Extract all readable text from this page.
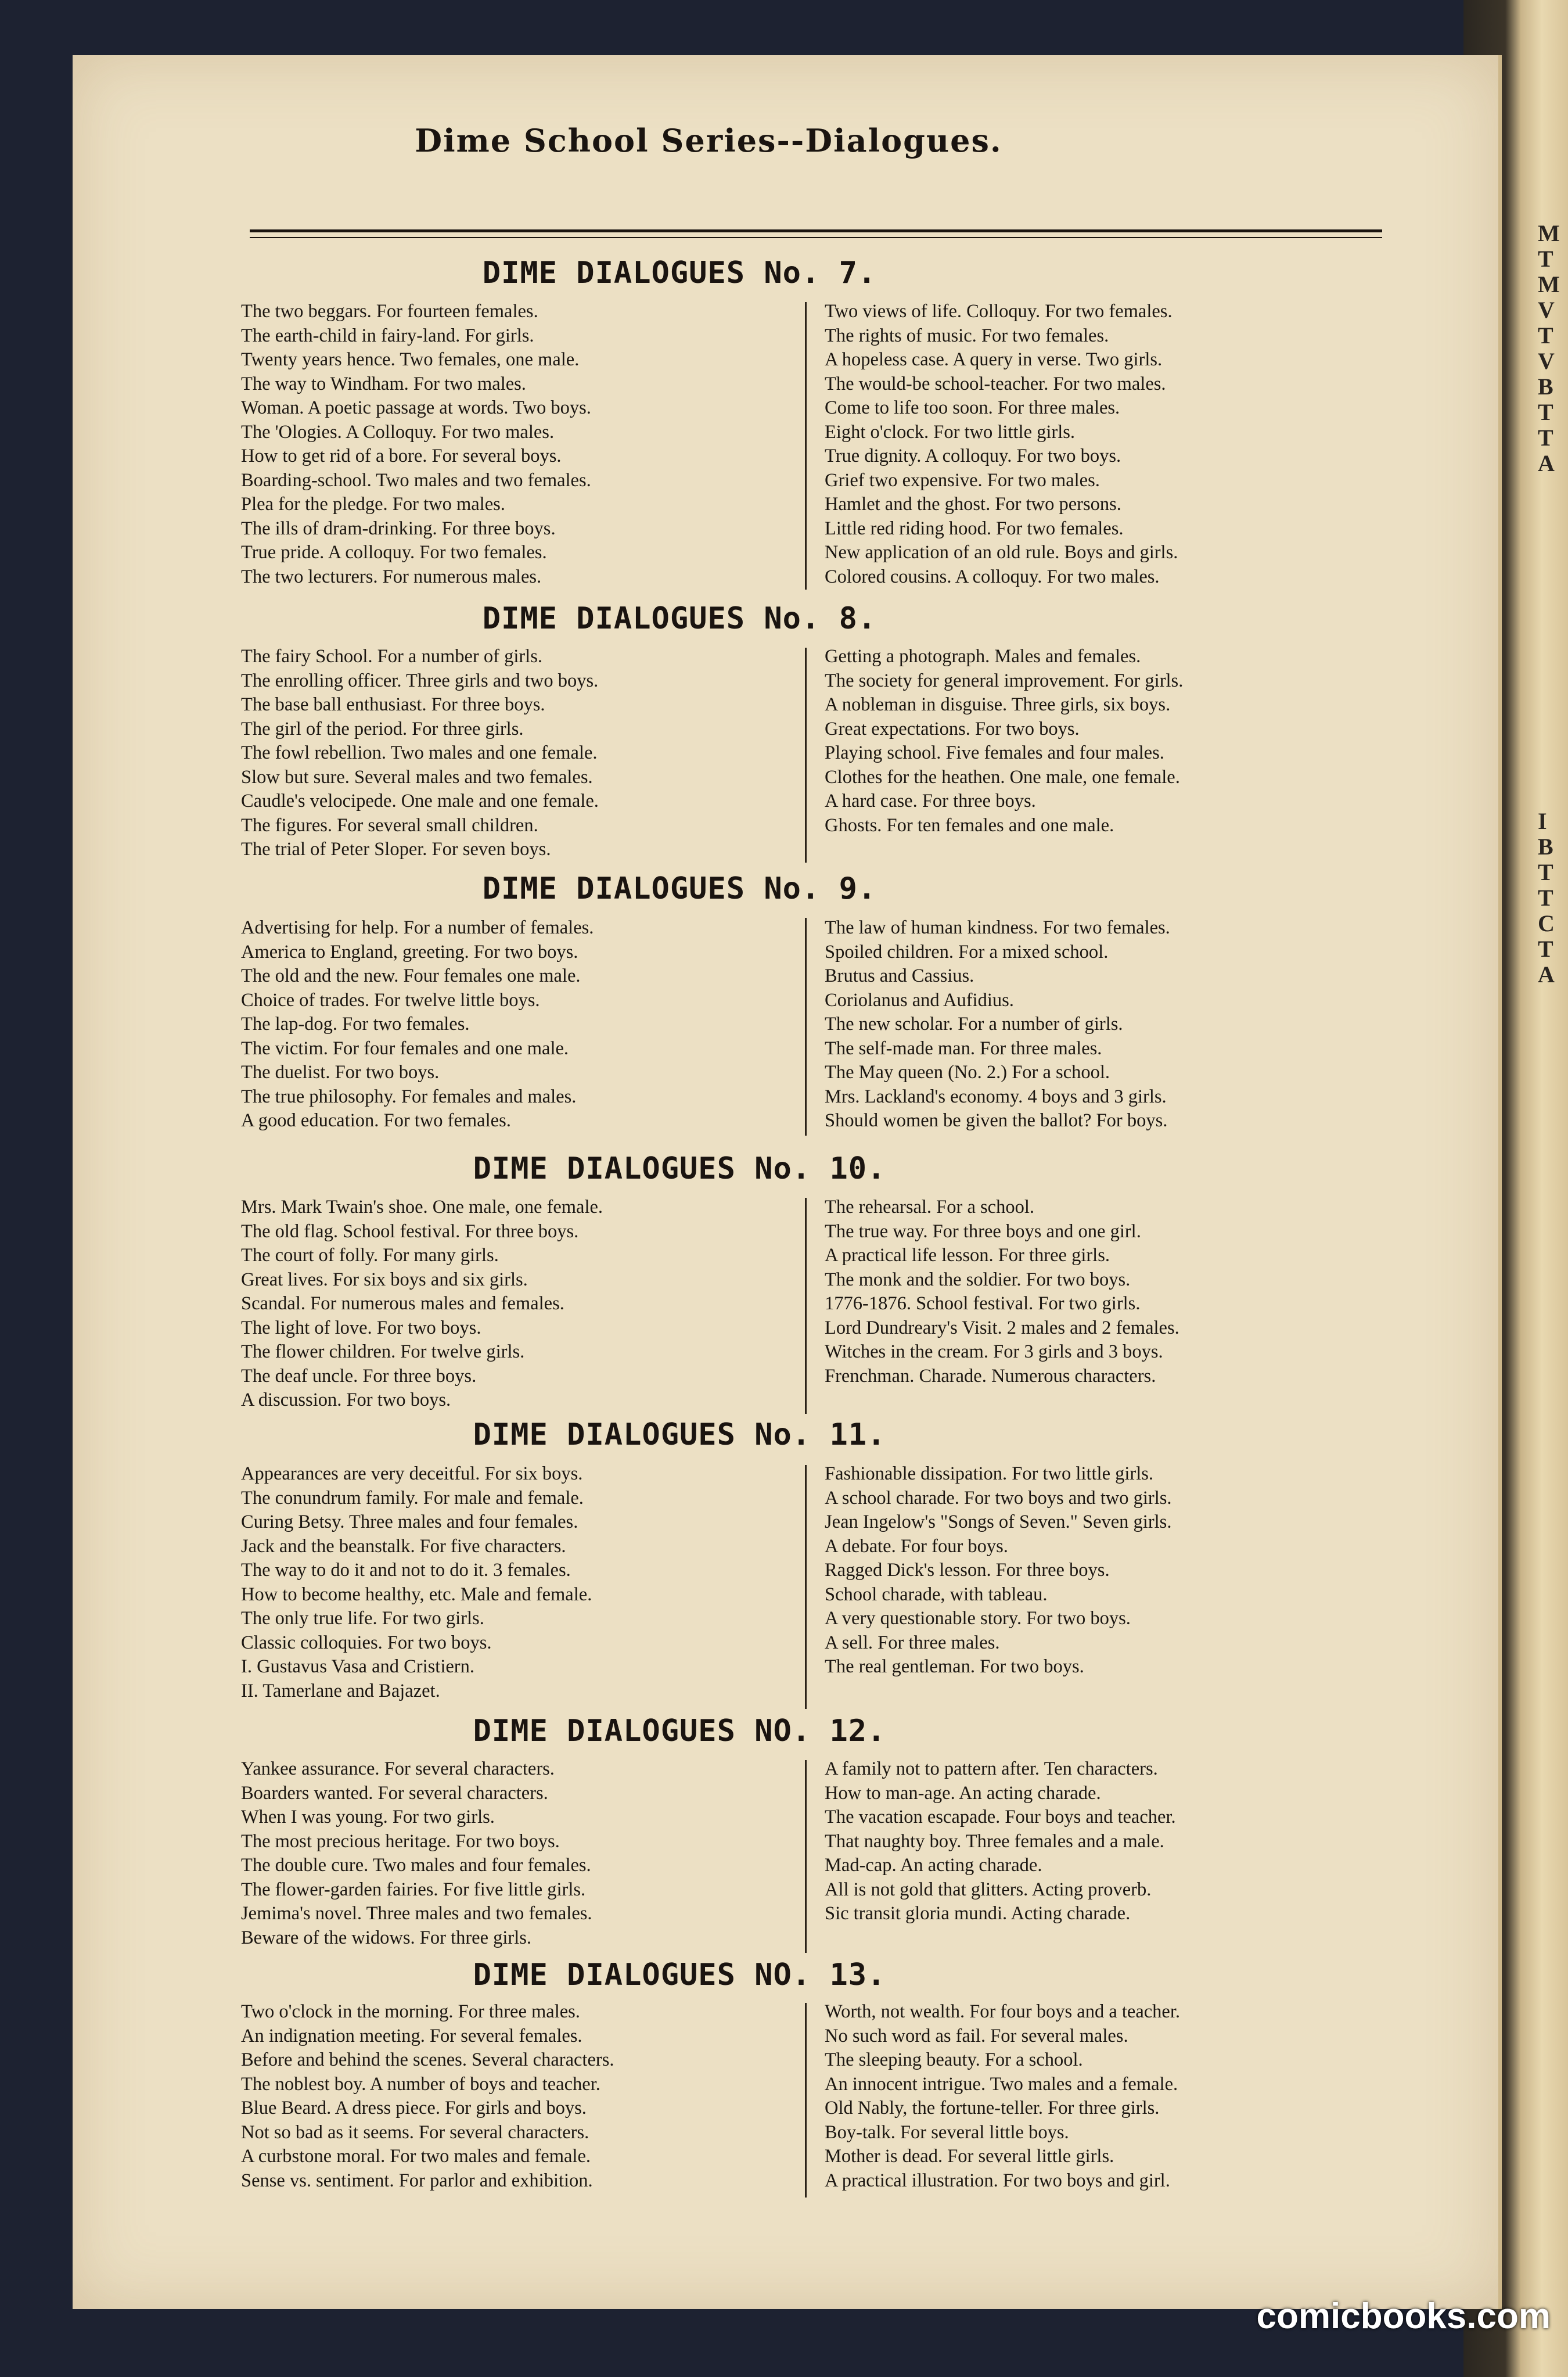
M
T
M
V
T
V
B
T
T
A
I
B
T
T
C
T
A
Dime School Series--Dialogues.
DIME DIALOGUES No. 7.
The two beggars. For fourteen females.
The earth-child in fairy-land. For girls.
Twenty years hence. Two females, one male.
The way to Windham. For two males.
Woman. A poetic passage at words. Two boys.
The 'Ologies. A Colloquy. For two males.
How to get rid of a bore. For several boys.
Boarding-school. Two males and two females.
Plea for the pledge. For two males.
The ills of dram-drinking. For three boys.
True pride. A colloquy. For two females.
The two lecturers. For numerous males.
Two views of life. Colloquy. For two females.
The rights of music. For two females.
A hopeless case. A query in verse. Two girls.
The would-be school-teacher. For two males.
Come to life too soon. For three males.
Eight o'clock. For two little girls.
True dignity. A colloquy. For two boys.
Grief two expensive. For two males.
Hamlet and the ghost. For two persons.
Little red riding hood. For two females.
New application of an old rule. Boys and girls.
Colored cousins. A colloquy. For two males.
DIME DIALOGUES No. 8.
The fairy School. For a number of girls.
The enrolling officer. Three girls and two boys.
The base ball enthusiast. For three boys.
The girl of the period. For three girls.
The fowl rebellion. Two males and one female.
Slow but sure. Several males and two females.
Caudle's velocipede. One male and one female.
The figures. For several small children.
The trial of Peter Sloper. For seven boys.
Getting a photograph. Males and females.
The society for general improvement. For girls.
A nobleman in disguise. Three girls, six boys.
Great expectations. For two boys.
Playing school. Five females and four males.
Clothes for the heathen. One male, one female.
A hard case. For three boys.
Ghosts. For ten females and one male.
DIME DIALOGUES No. 9.
Advertising for help. For a number of females.
America to England, greeting. For two boys.
The old and the new. Four females one male.
Choice of trades. For twelve little boys.
The lap-dog. For two females.
The victim. For four females and one male.
The duelist. For two boys.
The true philosophy. For females and males.
A good education. For two females.
The law of human kindness. For two females.
Spoiled children. For a mixed school.
Brutus and Cassius.
Coriolanus and Aufidius.
The new scholar. For a number of girls.
The self-made man. For three males.
The May queen (No. 2.) For a school.
Mrs. Lackland's economy. 4 boys and 3 girls.
Should women be given the ballot? For boys.
DIME DIALOGUES No. 10.
Mrs. Mark Twain's shoe. One male, one female.
The old flag. School festival. For three boys.
The court of folly. For many girls.
Great lives. For six boys and six girls.
Scandal. For numerous males and females.
The light of love. For two boys.
The flower children. For twelve girls.
The deaf uncle. For three boys.
A discussion. For two boys.
The rehearsal. For a school.
The true way. For three boys and one girl.
A practical life lesson. For three girls.
The monk and the soldier. For two boys.
1776-1876. School festival. For two girls.
Lord Dundreary's Visit. 2 males and 2 females.
Witches in the cream. For 3 girls and 3 boys.
Frenchman. Charade. Numerous characters.
DIME DIALOGUES No. 11.
Appearances are very deceitful. For six boys.
The conundrum family. For male and female.
Curing Betsy. Three males and four females.
Jack and the beanstalk. For five characters.
The way to do it and not to do it. 3 females.
How to become healthy, etc. Male and female.
The only true life. For two girls.
Classic colloquies. For two boys.
I. Gustavus Vasa and Cristiern.
II. Tamerlane and Bajazet.
Fashionable dissipation. For two little girls.
A school charade. For two boys and two girls.
Jean Ingelow's "Songs of Seven." Seven girls.
A debate. For four boys.
Ragged Dick's lesson. For three boys.
School charade, with tableau.
A very questionable story. For two boys.
A sell. For three males.
The real gentleman. For two boys.
DIME DIALOGUES NO. 12.
Yankee assurance. For several characters.
Boarders wanted. For several characters.
When I was young. For two girls.
The most precious heritage. For two boys.
The double cure. Two males and four females.
The flower-garden fairies. For five little girls.
Jemima's novel. Three males and two females.
Beware of the widows. For three girls.
A family not to pattern after. Ten characters.
How to man-age. An acting charade.
The vacation escapade. Four boys and teacher.
That naughty boy. Three females and a male.
Mad-cap. An acting charade.
All is not gold that glitters. Acting proverb.
Sic transit gloria mundi. Acting charade.
DIME DIALOGUES NO. 13.
Two o'clock in the morning. For three males.
An indignation meeting. For several females.
Before and behind the scenes. Several characters.
The noblest boy. A number of boys and teacher.
Blue Beard. A dress piece. For girls and boys.
Not so bad as it seems. For several characters.
A curbstone moral. For two males and female.
Sense vs. sentiment. For parlor and exhibition.
Worth, not wealth. For four boys and a teacher.
No such word as fail. For several males.
The sleeping beauty. For a school.
An innocent intrigue. Two males and a female.
Old Nably, the fortune-teller. For three girls.
Boy-talk. For several little boys.
Mother is dead. For several little girls.
A practical illustration. For two boys and girl.
comicbooks.com
